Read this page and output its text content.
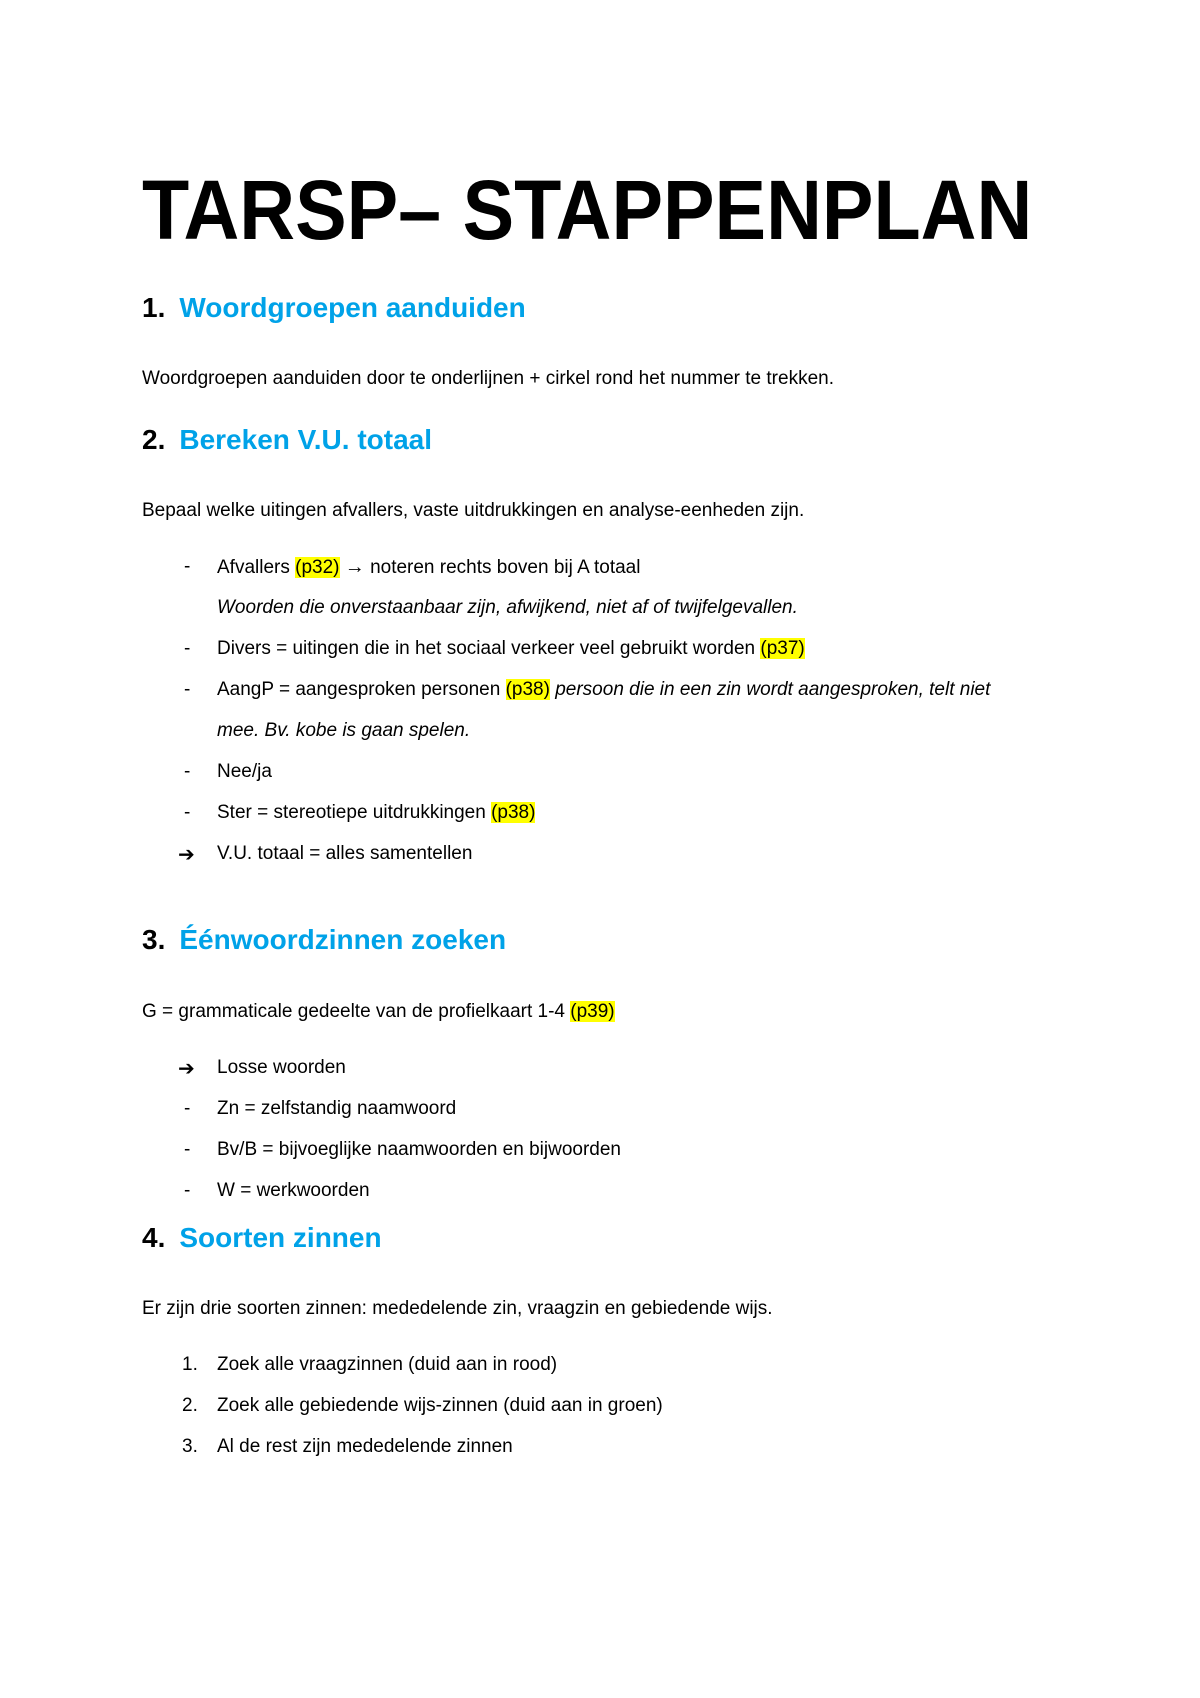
TARSP– STAPPENPLAN
1. Woordgroepen aanduiden
Woordgroepen aanduiden door te onderlijnen + cirkel rond het nummer te trekken.
2. Bereken V.U. totaal
Bepaal welke uitingen afvallers, vaste uitdrukkingen en analyse-eenheden zijn.
- Afvallers (p32) → noteren rechts boven bij A totaal
Woorden die onverstaanbaar zijn, afwijkend, niet af of twijfelgevallen.
- Divers = uitingen die in het sociaal verkeer veel gebruikt worden (p37)
- AangP = aangesproken personen (p38) persoon die in een zin wordt aangesproken, telt niet
mee. Bv. kobe is gaan spelen.
- Nee/ja
- Ster = stereotiepe uitdrukkingen (p38)
➔ V.U. totaal = alles samentellen
3. Éénwoordzinnen zoeken
G = grammaticale gedeelte van de profielkaart 1-4 (p39)
➔ Losse woorden
- Zn = zelfstandig naamwoord
- Bv/B = bijvoeglijke naamwoorden en bijwoorden
- W = werkwoorden
4. Soorten zinnen
Er zijn drie soorten zinnen: mededelende zin, vraagzin en gebiedende wijs.
1. Zoek alle vraagzinnen (duid aan in rood)
2. Zoek alle gebiedende wijs-zinnen (duid aan in groen)
3. Al de rest zijn mededelende zinnen
